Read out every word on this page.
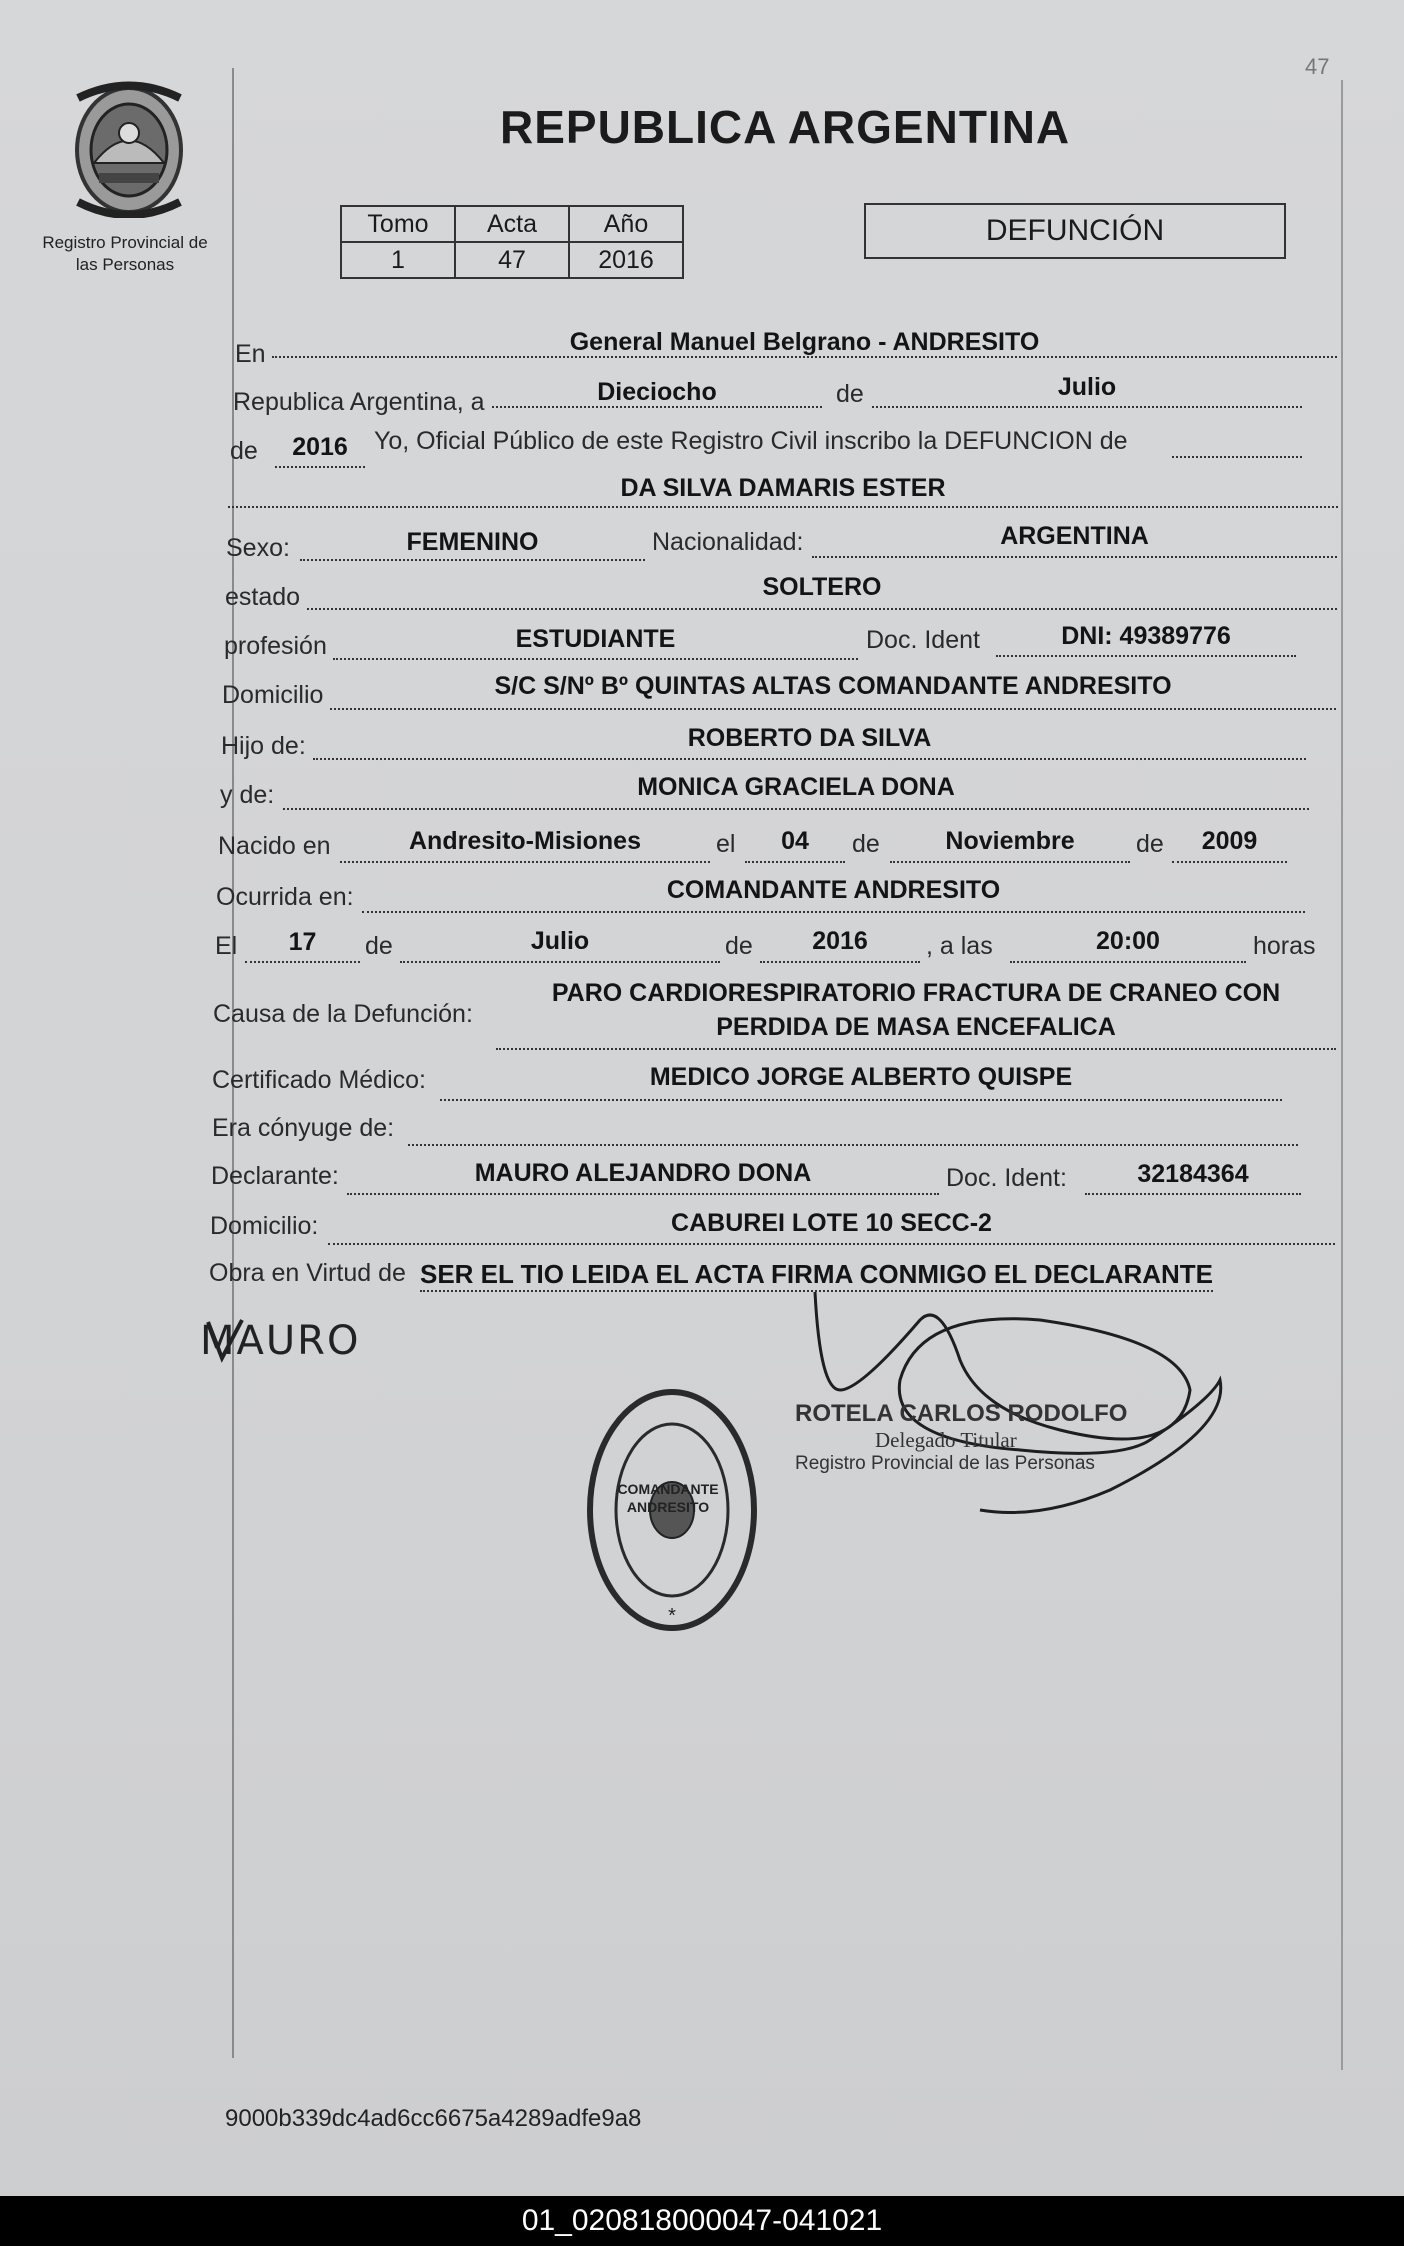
47
Registro Provincial de
las Personas
REPUBLICA ARGENTINA
Tomo	Acta	Año
1	47	2016
DEFUNCIÓN
En	General Manuel Belgrano - ANDRESITO
Republica Argentina, a	Dieciocho	de	Julio
de	2016	Yo, Oficial Público de este Registro Civil inscribo la DEFUNCION de
DA SILVA DAMARIS ESTER
Sexo:	FEMENINO	Nacionalidad:	ARGENTINA
estado	SOLTERO
profesión	ESTUDIANTE	Doc. Ident	DNI: 49389776
Domicilio	S/C S/Nº Bº QUINTAS ALTAS COMANDANTE ANDRESITO
Hijo de:	ROBERTO DA SILVA
y de:	MONICA GRACIELA DONA
Nacido en	Andresito-Misiones	el	04	de	Noviembre	de	2009
Ocurrida en:	COMANDANTE ANDRESITO
El	17	de	Julio	de	2016	, a las	20:00	horas
Causa de la Defunción:
PARO CARDIORESPIRATORIO FRACTURA DE CRANEO CON
PERDIDA DE MASA ENCEFALICA
Certificado Médico:	MEDICO JORGE ALBERTO QUISPE
Era cónyuge de:
Declarante:	MAURO ALEJANDRO DONA	Doc. Ident:	32184364
Domicilio:	CABUREI LOTE 10 SECC-2
Obra en Virtud de SER EL TIO LEIDA EL ACTA FIRMA CONMIGO EL DECLARANTE
MAURO
*
COMANDANTE ANDRESITO
ROTELA CARLOS RODOLFO
Delegado Titular
Registro Provincial de las Personas
9000b339dc4ad6cc6675a4289adfe9a8
01_020818000047-041021
